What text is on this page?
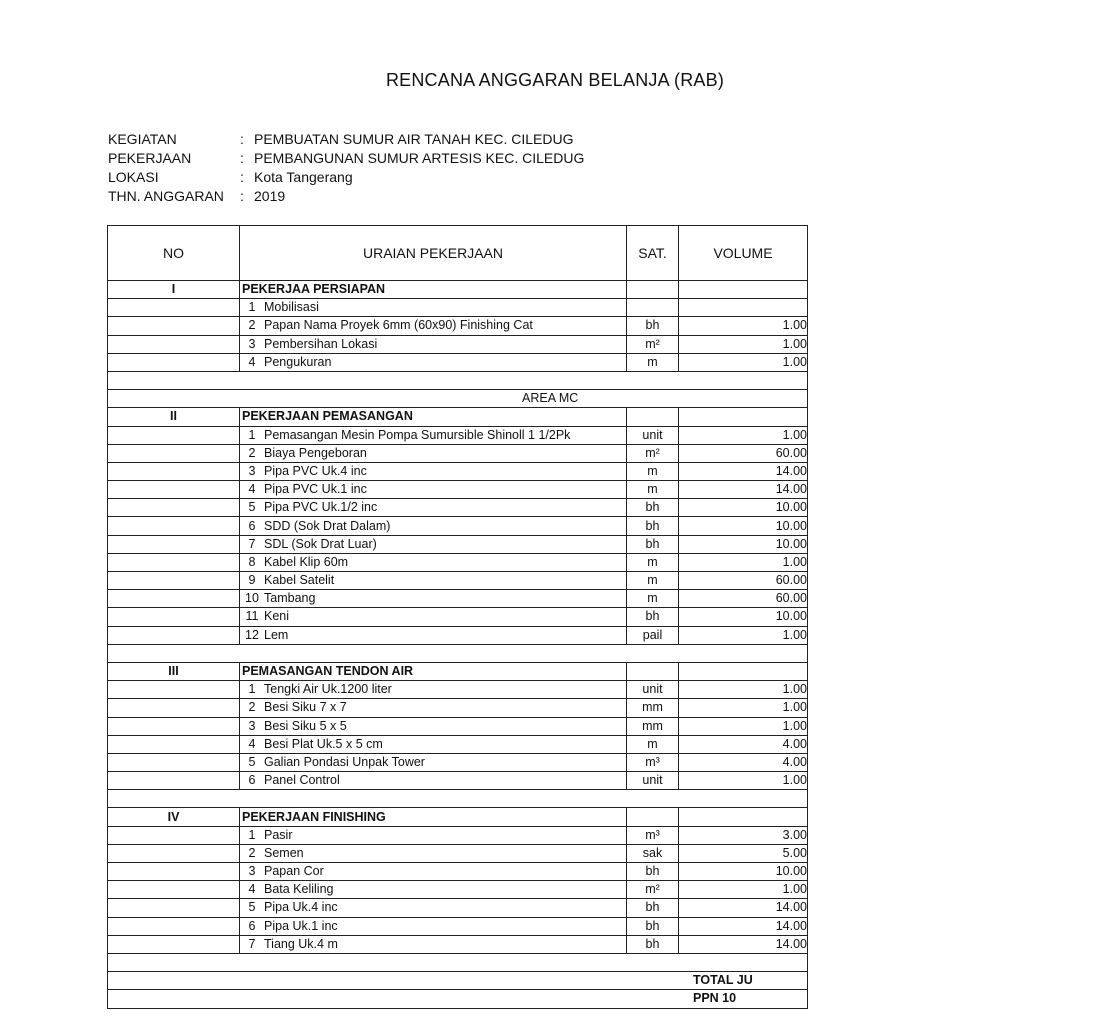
RENCANA ANGGARAN BELANJA (RAB)
KEGIATAN	: PEMBUATAN SUMUR AIR TANAH KEC. CILEDUG
PEKERJAAN	: PEMBANGUNAN SUMUR ARTESIS KEC. CILEDUG
LOKASI	: Kota Tangerang
THN. ANGGARAN	: 2019
NO	URAIAN PEKERJAAN	SAT.	VOLUME
I	PEKERJAA PERSIAPAN		
	1 Mobilisasi		
	2 Papan Nama Proyek 6mm (60x90) Finishing Cat	bh	1.00
	3 Pembersihan Lokasi	m²	1.00
	4 Pengukuran	m	1.00

AREA MC			
II	PEKERJAAN PEMASANGAN		
	1 Pemasangan Mesin Pompa Sumursible Shinoll 1 1/2Pk	unit	1.00
	2 Biaya Pengeboran	m²	60.00
	3 Pipa PVC Uk.4 inc	m	14.00
	4 Pipa PVC Uk.1 inc	m	14.00
	5 Pipa PVC Uk.1/2 inc	bh	10.00
	6 SDD (Sok Drat Dalam)	bh	10.00
	7 SDL (Sok Drat Luar)	bh	10.00
	8 Kabel Klip 60m	m	1.00
	9 Kabel Satelit	m	60.00
	10 Tambang	m	60.00
	11 Keni	bh	10.00
	12 Lem	pail	1.00

III	PEMASANGAN TENDON AIR		
	1 Tengki Air Uk.1200 liter	unit	1.00
	2 Besi Siku 7 x 7	mm	1.00
	3 Besi Siku 5 x 5	mm	1.00
	4 Besi Plat Uk.5 x 5 cm	m	4.00
	5 Galian Pondasi Unpak Tower	m³	4.00
	6 Panel Control	unit	1.00

IV	PEKERJAAN FINISHING		
	1 Pasir	m³	3.00
	2 Semen	sak	5.00
	3 Papan Cor	bh	10.00
	4 Bata Keliling	m²	1.00
	5 Pipa Uk.4 inc	bh	14.00
	6 Pipa Uk.1 inc	bh	14.00
	7 Tiang Uk.4 m	bh	14.00

TOTAL JU			
PPN 10			
